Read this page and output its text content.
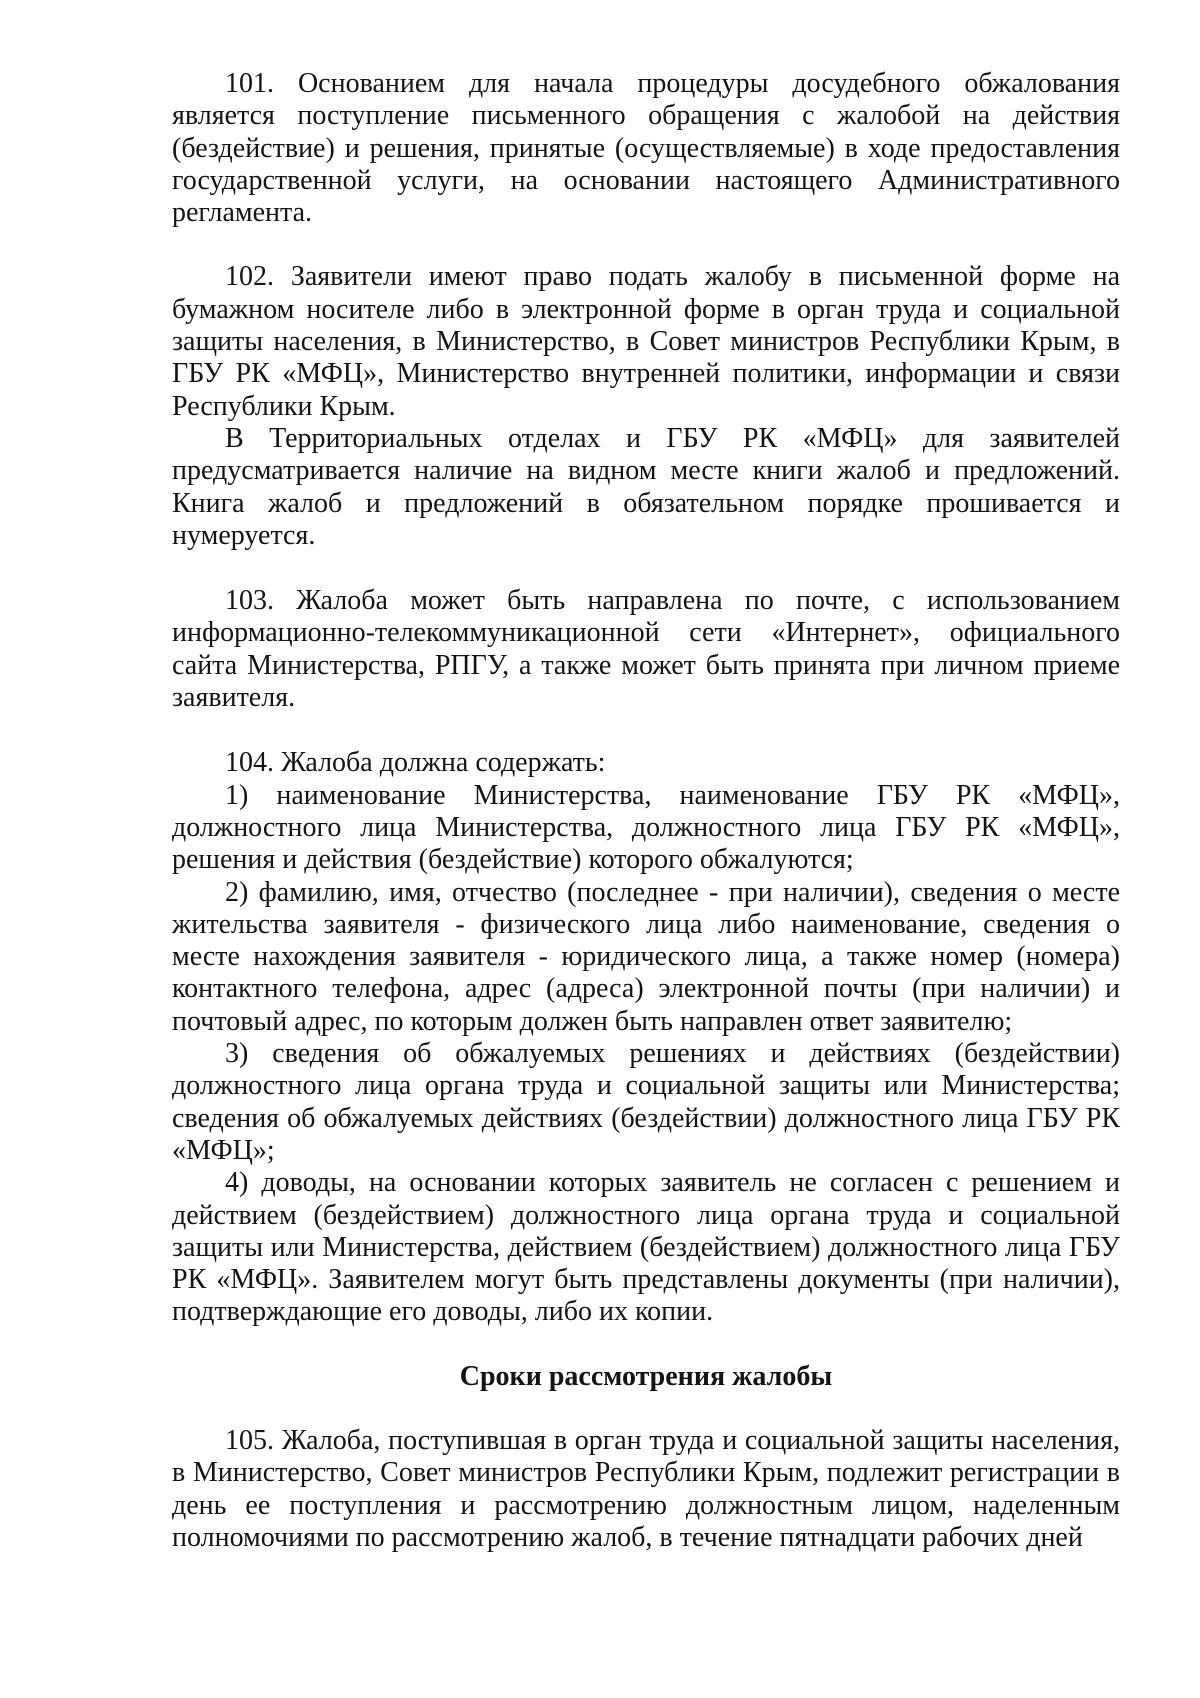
101. Основанием для начала процедуры досудебного обжалования является поступление письменного обращения с жалобой на действия (бездействие) и решения, принятые (осуществляемые) в ходе предоставления государственной услуги, на основании настоящего Административного регламента.

102. Заявители имеют право подать жалобу в письменной форме на бумажном носителе либо в электронной форме в орган труда и социальной защиты населения, в Министерство, в Совет министров Республики Крым, в ГБУ РК «МФЦ», Министерство внутренней политики, информации и связи Республики Крым.

В Территориальных отделах и ГБУ РК «МФЦ» для заявителей предусматривается наличие на видном месте книги жалоб и предложений. Книга жалоб и предложений в обязательном порядке прошивается и нумеруется.

103. Жалоба может быть направлена по почте, с использованием информационно-телекоммуникационной сети «Интернет», официального сайта Министерства, РПГУ, а также может быть принята при личном приеме заявителя.

104. Жалоба должна содержать:

1) наименование Министерства, наименование ГБУ РК «МФЦ», должностного лица Министерства, должностного лица ГБУ РК «МФЦ», решения и действия (бездействие) которого обжалуются;

2) фамилию, имя, отчество (последнее - при наличии), сведения о месте жительства заявителя - физического лица либо наименование, сведения о месте нахождения заявителя - юридического лица, а также номер (номера) контактного телефона, адрес (адреса) электронной почты (при наличии) и почтовый адрес, по которым должен быть направлен ответ заявителю;

3) сведения об обжалуемых решениях и действиях (бездействии) должностного лица органа труда и социальной защиты или Министерства; сведения об обжалуемых действиях (бездействии) должностного лица ГБУ РК «МФЦ»;

4) доводы, на основании которых заявитель не согласен с решением и действием (бездействием) должностного лица органа труда и социальной защиты или Министерства, действием (бездействием) должностного лица ГБУ РК «МФЦ». Заявителем могут быть представлены документы (при наличии), подтверждающие его доводы, либо их копии.

Сроки рассмотрения жалобы

105. Жалоба, поступившая в орган труда и социальной защиты населения, в Министерство, Совет министров Республики Крым, подлежит регистрации в день ее поступления и рассмотрению должностным лицом, наделенным полномочиями по рассмотрению жалоб, в течение пятнадцати рабочих дней
